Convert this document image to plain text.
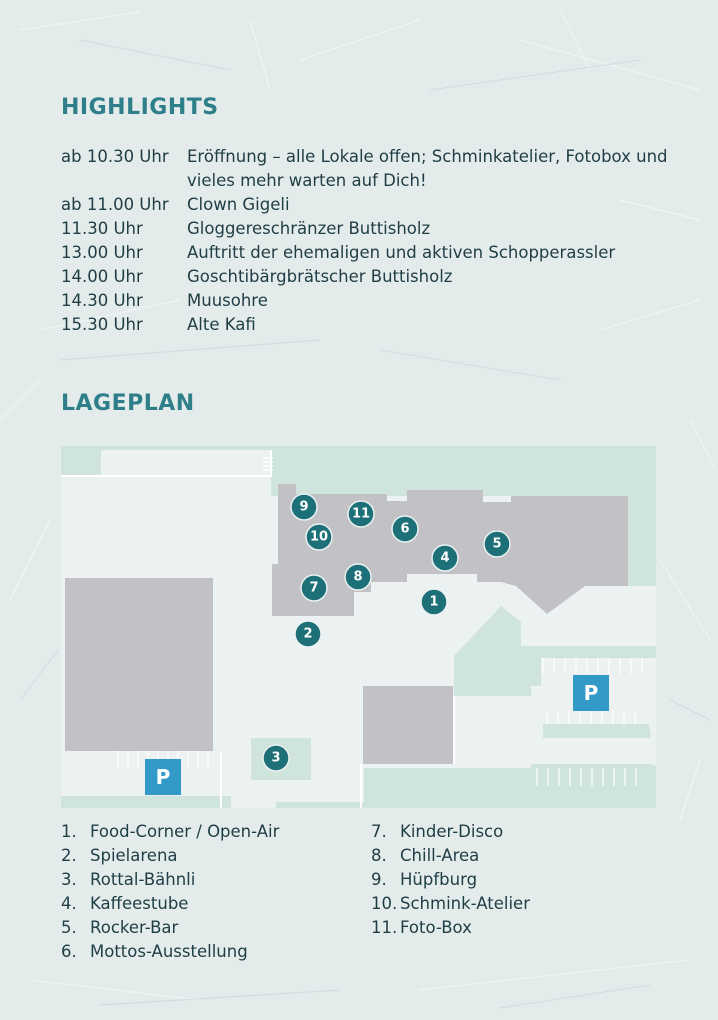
HIGHLIGHTS
ab 10.30 Uhr	Eröffnung – alle Lokale offen; Schminkatelier, Fotobox und vieles mehr warten auf Dich!
ab 11.00 Uhr	Clown Gigeli
11.30 Uhr	Gloggereschränzer Buttisholz
13.00 Uhr	Auftritt der ehemaligen und aktiven Schopperassler
14.00 Uhr	Goschtibärgbrätscher Buttisholz
14.30 Uhr	Muusohre
15.30 Uhr	Alte Kafi
LAGEPLAN
P
P
1
2
3
4
5
6
7
8
9
10
11
1. Food-Corner / Open-Air
2. Spielarena
3. Rottal-Bähnli
4. Kaffeestube
5. Rocker-Bar
6. Mottos-Ausstellung
7. Kinder-Disco
8. Chill-Area
9. Hüpfburg
10. Schmink-Atelier
11. Foto-Box
